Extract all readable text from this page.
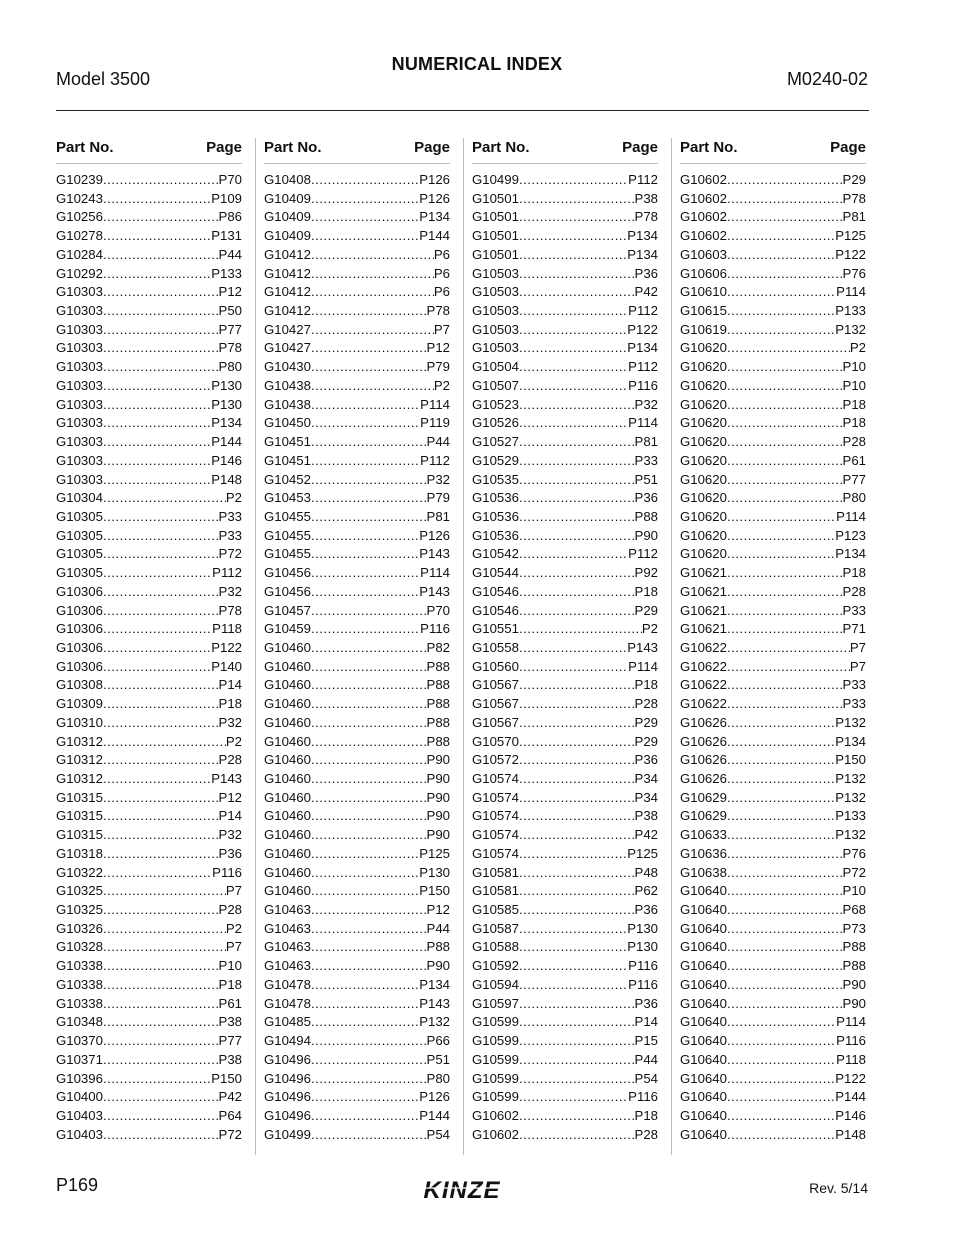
NUMERICAL INDEX
Model 3500	M0240-02
Part No.	Page
G10239 .....	P70
G10243 .....	P109
G10256 .....	P86
G10278 .....	P131
G10284 .....	P44
G10292 .....	P133
G10303 .....	P12
G10303 .....	P50
G10303 .....	P77
G10303 .....	P78
G10303 .....	P80
G10303 .....	P130
G10303 .....	P130
G10303 .....	P134
G10303 .....	P144
G10303 .....	P146
G10303 .....	P148
G10304 .....	P2
G10305 .....	P33
G10305 .....	P33
G10305 .....	P72
G10305 .....	P112
G10306 .....	P32
G10306 .....	P78
G10306 .....	P118
G10306 .....	P122
G10306 .....	P140
G10308 .....	P14
G10309 .....	P18
G10310 .....	P32
G10312 .....	P2
G10312 .....	P28
G10312 .....	P143
G10315 .....	P12
G10315 .....	P14
G10315 .....	P32
G10318 .....	P36
G10322 .....	P116
G10325 .....	P7
G10325 .....	P28
G10326 .....	P2
G10328 .....	P7
G10338 .....	P10
G10338 .....	P18
G10338 .....	P61
G10348 .....	P38
G10370 .....	P77
G10371 .....	P38
G10396 .....	P150
G10400 .....	P42
G10403 .....	P64
G10403 .....	P72
Part No.	Page
G10408 .....	P126
G10409 .....	P126
G10409 .....	P134
G10409 .....	P144
G10412 .....	P6
G10412 .....	P6
G10412 .....	P6
G10412 .....	P78
G10427 .....	P7
G10427 .....	P12
G10430 .....	P79
G10438 .....	P2
G10438 .....	P114
G10450 .....	P119
G10451 .....	P44
G10451 .....	P112
G10452 .....	P32
G10453 .....	P79
G10455 .....	P81
G10455 .....	P126
G10455 .....	P143
G10456 .....	P114
G10456 .....	P143
G10457 .....	P70
G10459 .....	P116
G10460 .....	P82
G10460 .....	P88
G10460 .....	P88
G10460 .....	P88
G10460 .....	P88
G10460 .....	P88
G10460 .....	P90
G10460 .....	P90
G10460 .....	P90
G10460 .....	P90
G10460 .....	P90
G10460 .....	P125
G10460 .....	P130
G10460 .....	P150
G10463 .....	P12
G10463 .....	P44
G10463 .....	P88
G10463 .....	P90
G10478 .....	P134
G10478 .....	P143
G10485 .....	P132
G10494 .....	P66
G10496 .....	P51
G10496 .....	P80
G10496 .....	P126
G10496 .....	P144
G10499 .....	P54
Part No.	Page
G10499 .....	P112
G10501 .....	P38
G10501 .....	P78
G10501 .....	P134
G10501 .....	P134
G10503 .....	P36
G10503 .....	P42
G10503 .....	P112
G10503 .....	P122
G10503 .....	P134
G10504 .....	P112
G10507 .....	P116
G10523 .....	P32
G10526 .....	P114
G10527 .....	P81
G10529 .....	P33
G10535 .....	P51
G10536 .....	P36
G10536 .....	P88
G10536 .....	P90
G10542 .....	P112
G10544 .....	P92
G10546 .....	P18
G10546 .....	P29
G10551 .....	P2
G10558 .....	P143
G10560 .....	P114
G10567 .....	P18
G10567 .....	P28
G10567 .....	P29
G10570 .....	P29
G10572 .....	P36
G10574 .....	P34
G10574 .....	P34
G10574 .....	P38
G10574 .....	P42
G10574 .....	P125
G10581 .....	P48
G10581 .....	P62
G10585 .....	P36
G10587 .....	P130
G10588 .....	P130
G10592 .....	P116
G10594 .....	P116
G10597 .....	P36
G10599 .....	P14
G10599 .....	P15
G10599 .....	P44
G10599 .....	P54
G10599 .....	P116
G10602 .....	P18
G10602 .....	P28
Part No.	Page
G10602 .....	P29
G10602 .....	P78
G10602 .....	P81
G10602 .....	P125
G10603 .....	P122
G10606 .....	P76
G10610 .....	P114
G10615 .....	P133
G10619 .....	P132
G10620 .....	P2
G10620 .....	P10
G10620 .....	P10
G10620 .....	P18
G10620 .....	P18
G10620 .....	P28
G10620 .....	P61
G10620 .....	P77
G10620 .....	P80
G10620 .....	P114
G10620 .....	P123
G10620 .....	P134
G10621 .....	P18
G10621 .....	P28
G10621 .....	P33
G10621 .....	P71
G10622 .....	P7
G10622 .....	P7
G10622 .....	P33
G10622 .....	P33
G10626 .....	P132
G10626 .....	P134
G10626 .....	P150
G10626 .....	P132
G10629 .....	P132
G10629 .....	P133
G10633 .....	P132
G10636 .....	P76
G10638 .....	P72
G10640 .....	P10
G10640 .....	P68
G10640 .....	P73
G10640 .....	P88
G10640 .....	P88
G10640 .....	P90
G10640 .....	P90
G10640 .....	P114
G10640 .....	P116
G10640 .....	P118
G10640 .....	P122
G10640 .....	P144
G10640 .....	P146
G10640 .....	P148
P169	KINZE	Rev. 5/14
